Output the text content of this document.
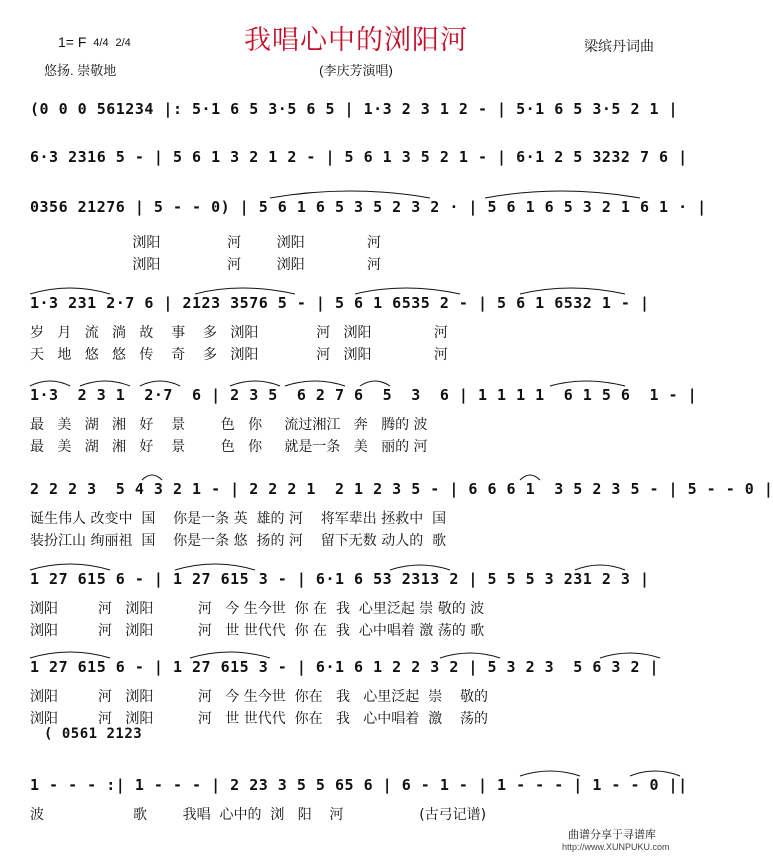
我唱心中的浏阳河
1= F 4/4 2/4
悠扬. 崇敬地	(李庆芳演唱)
梁缤丹词曲
(0 0 0 561234 |: 5·1 6 5 3·5 6 5 | 1·3 2 3 1 2 - | 5·1 6 5 3·5 2 1 |
6·3 2316 5 - | 5 6 1 3 2 1 2 - | 5 6 1 3 5 2 1 - | 6·1 2 5 3232 7 6 |
0356 21276 | 5 - - 0) | 5 6 1 6 5 3 5 2 3 2 · | 5 6 1 6 5 3 2 1 6 1 · |
浏阳               河        浏阳              河
浏阳               河        浏阳              河
1·3 231 2·7 6 | 2123 3576 5 - | 5 6 1 6535 2 - | 5 6 1 6532 1 - |
岁   月   流   淌   故    事    多   浏阳             河   浏阳              河
天   地   悠   悠   传    奇    多   浏阳             河   浏阳              河
1·3  2 3 1  2·7  6 | 2 3 5  6 2 7 6  5  3  6 | 1 1 1 1  6 1 5 6  1 - |
最   美   湖   湘   好    景        色   你     流过湘江   奔   腾的 波
最   美   湖   湘   好    景        色   你     就是一条   美   丽的 河
2 2 2 3  5 4 3 2 1 - | 2 2 2 1  2 1 2 3 5 - | 6 6 6 1  3 5 2 3 5 - | 5 - - 0 |
诞生伟人 改变中  国    你是一条 英  雄的 河    将军辈出 拯救中  国
装扮江山 绚丽祖  国    你是一条 悠  扬的 河    留下无数 动人的  歌
1 27 615 6 - | 1 27 615 3 - | 6·1 6 53 2313 2 | 5 5 5 3 231 2 3 |
浏阳         河   浏阳          河   今 生今世  你 在  我  心里泛起 崇 敬的 波
浏阳         河   浏阳          河   世 世代代  你 在  我  心中唱着 激 荡的 歌
1 27 615 6 - | 1 27 615 3 - | 6·1 6 1 2 2 3 2 | 5 3 2 3  5 6 3 2 |
浏阳         河   浏阳          河   今 生今世  你在   我   心里泛起  崇    敬的
浏阳         河   浏阳          河   世 世代代  你在   我   心中唱着  激    荡的
( 0561 2123
1 - - - :| 1 - - - | 2 23 3 5 5 65 6 | 6 - 1 - | 1 - - - | 1 - - 0 ||
波                    歌        我唱  心中的  浏   阳    河                 (古弓记谱)
曲谱分享于寻谱库
http://www.XUNPUKU.com
